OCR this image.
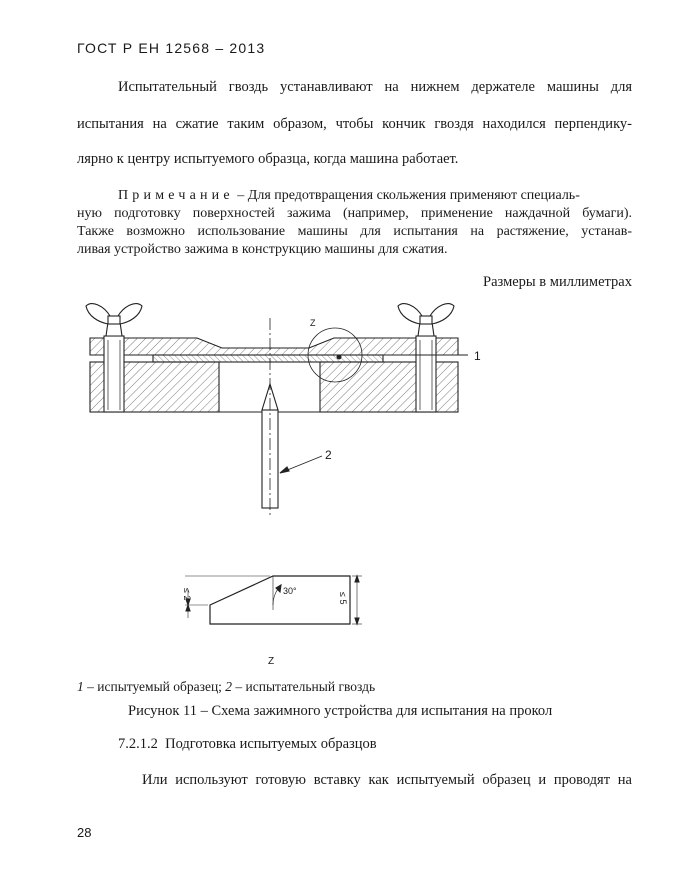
ГОСТ Р ЕН 12568 – 2013
Испытательный гвоздь устанавливают на нижнем держателе машины для
испытания на сжатие таким образом, чтобы кончик гвоздя находился перпендику-
лярно к центру испытуемого образца, когда машина работает.
Примечание – Для предотвращения скольжения применяют специаль-
ную подготовку поверхностей зажима (например, применение наждачной бумаги).
Также возможно использование машины для испытания на растяжение, устанав-
ливая устройство зажима в конструкцию машины для сжатия.
Размеры в миллиметрах
1
2
Z
30°
≤ 2	≤ 5
Z
1 – испытуемый образец; 2 – испытательный гвоздь
Рисунок 11 – Схема зажимного устройства для испытания на прокол
7.2.1.2 Подготовка испытуемых образцов
Или используют готовую вставку как испытуемый образец и проводят на
28
